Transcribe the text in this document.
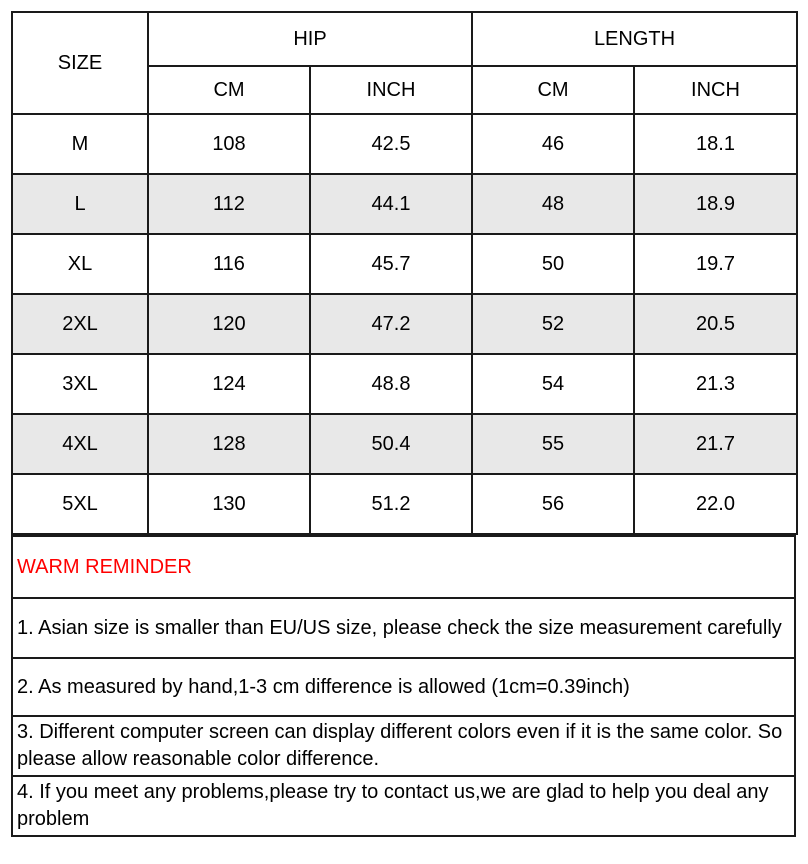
SIZE	HIP		LENGTH	
	CM	INCH	CM	INCH
M	108	42.5	46	18.1
L	112	44.1	48	18.9
XL	116	45.7	50	19.7
2XL	120	47.2	52	20.5
3XL	124	48.8	54	21.3
4XL	128	50.4	55	21.7
5XL	130	51.2	56	22.0
WARM REMINDER
1. Asian size is smaller than EU/US size, please check the size measurement carefully
2. As measured by hand,1-3 cm difference is allowed (1cm=0.39inch)
3. Different computer screen can display different colors even if it is the same color. So please allow reasonable color difference.
4. If you meet any problems,please try to contact us,we are glad to help you deal any problem
